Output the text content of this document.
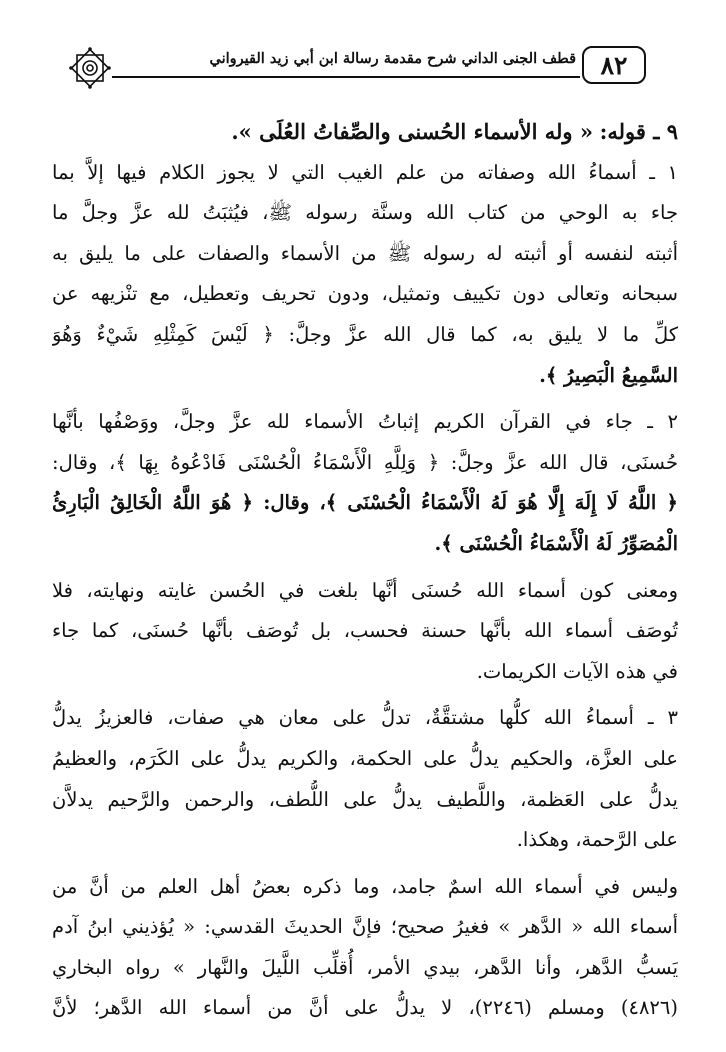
قطف الجنى الداني شرح مقدمة رسالة ابن أبي زيد القيرواني ٨٢
٩ ـ قوله: « وله الأسماء الحُسنى والصِّفاتُ العُلَى ».
١ ـ أسماءُ الله وصفاته من علم الغيب التي لا يجوز الكلام فيها إلاَّ بما
جاء به الوحي من كتاب الله وسنَّة رسوله ﷺ، فيُثبَتُ لله عزَّ وجلَّ ما
أثبته لنفسه أو أثبته له رسوله ﷺ من الأسماء والصفات على ما يليق به
سبحانه وتعالى دون تكييف وتمثيل، ودون تحريف وتعطيل، مع تنْزيهه عن
كلِّ ما لا يليق به، كما قال الله عزَّ وجلَّ: ﴿ لَيْسَ كَمِثْلِهِ شَيْءٌ وَهُوَ
السَّمِيعُ الْبَصِيرُ ﴾.
٢ ـ جاء في القرآن الكريم إثباتُ الأسماء لله عزَّ وجلَّ، ووَصْفُها بأنَّها
حُسنَى، قال الله عزَّ وجلَّ: ﴿ وَلِلَّهِ الْأَسْمَاءُ الْحُسْنَى فَادْعُوهُ بِهَا ﴾، وقال:
﴿ اللَّهُ لَا إِلَهَ إِلَّا هُوَ لَهُ الْأَسْمَاءُ الْحُسْنَى ﴾، وقال: ﴿ هُوَ اللَّهُ الْخَالِقُ الْبَارِئُ
الْمُصَوِّرُ لَهُ الْأَسْمَاءُ الْحُسْنَى ﴾.
ومعنى كون أسماء الله حُسنَى أنَّها بلغت في الحُسن غايته ونهايته، فلا
تُوصَف أسماء الله بأنَّها حسنة فحسب، بل تُوصَف بأنَّها حُسنَى، كما جاء
في هذه الآيات الكريمات.
٣ ـ أسماءُ الله كلُّها مشتقَّةٌ، تدلُّ على معان هي صفات، فالعزيزُ يدلُّ
على العزَّة، والحكيم يدلُّ على الحكمة، والكريم يدلُّ على الكَرَم، والعظيمُ
يدلُّ على العَظمة، واللَّطيف يدلُّ على اللُّطف، والرحمن والرَّحيم يدلاَّن
على الرَّحمة، وهكذا.
وليس في أسماء الله اسمٌ جامد، وما ذكره بعضُ أهل العلم من أنَّ من
أسماء الله « الدَّهر » فغيرُ صحيح؛ فإنَّ الحديثَ القدسي: « يُؤذيني ابنُ آدم
يَسبُّ الدَّهر، وأنا الدَّهر، بيدي الأمر، أُقلِّب اللَّيلَ والنَّهار » رواه البخاري
(٤٨٢٦) ومسلم (٢٢٤٦)، لا يدلُّ على أنَّ من أسماء الله الدَّهر؛ لأنَّ
